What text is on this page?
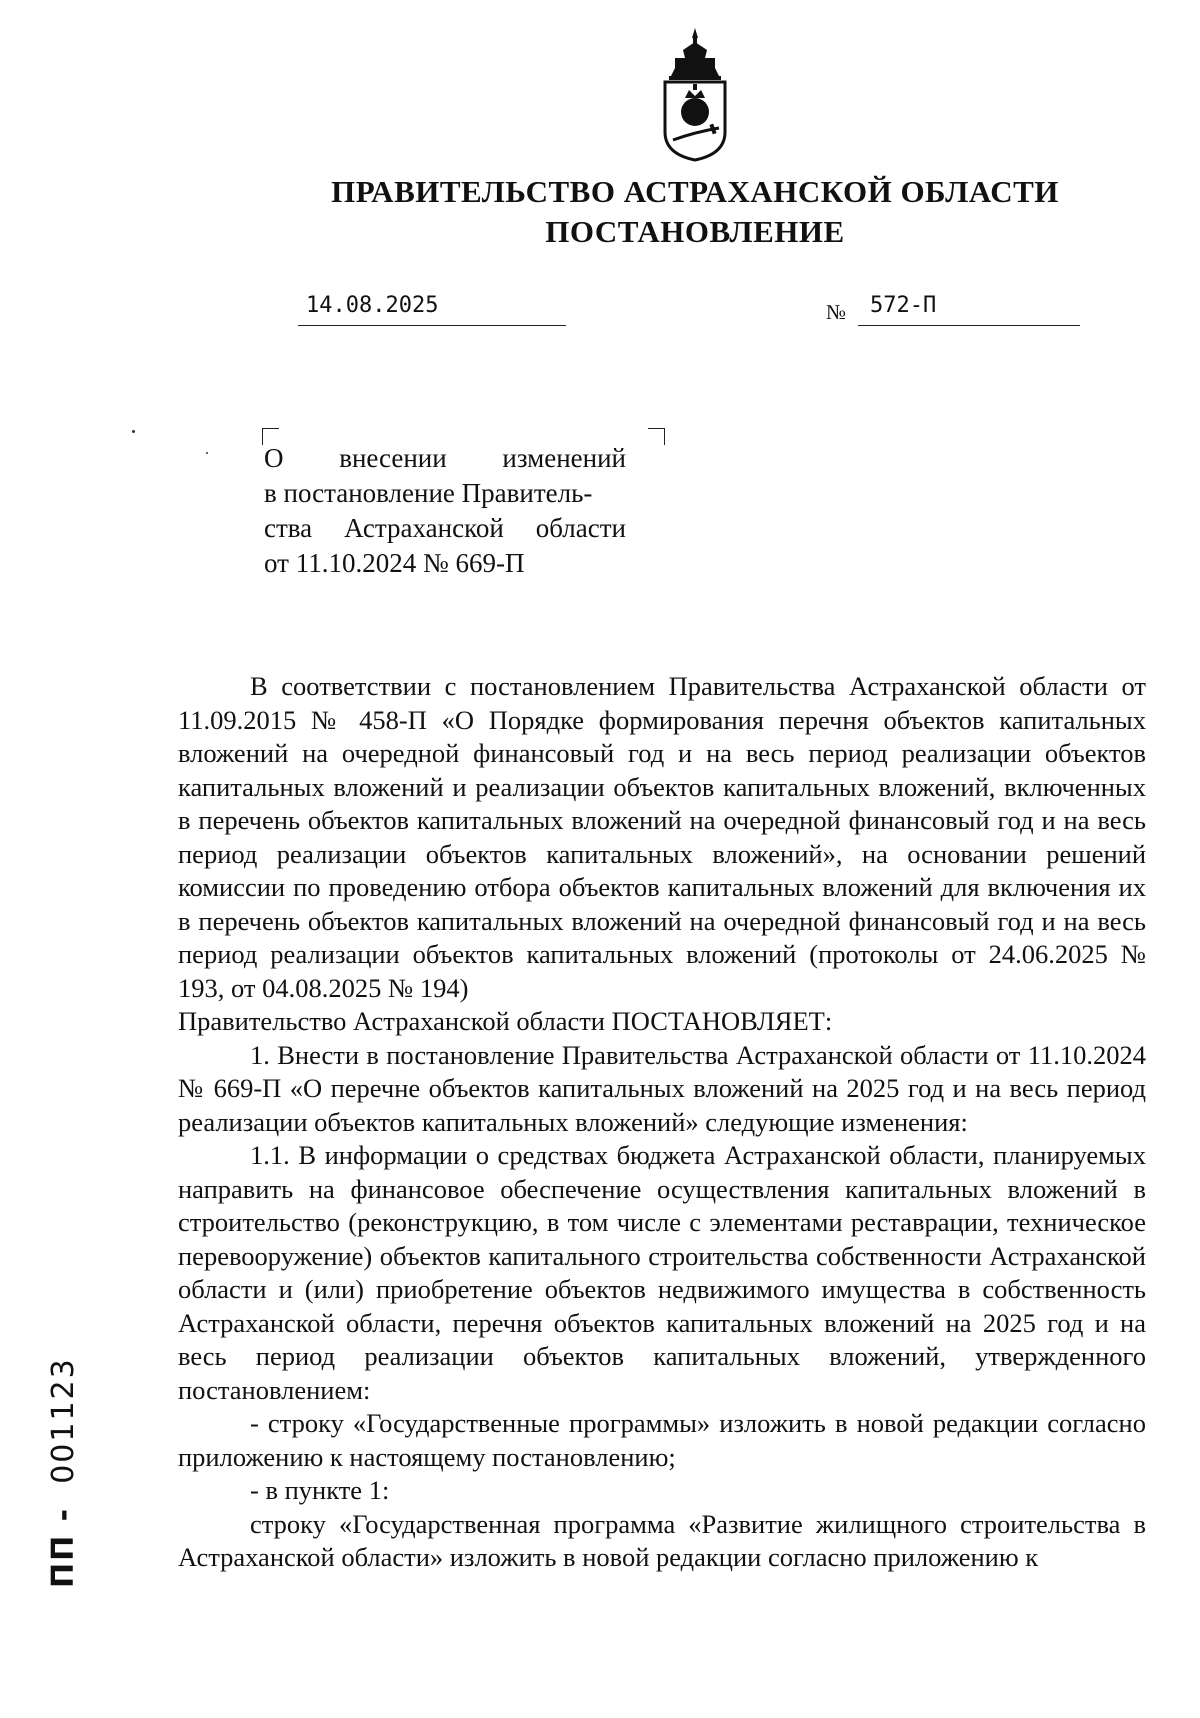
ПРАВИТЕЛЬСТВО АСТРАХАНСКОЙ ОБЛАСТИ
ПОСТАНОВЛЕНИЕ
14.08.2025	№ 572-П
О внесении изменений
в постановление Правитель-
ства Астраханской области
от 11.10.2024 № 669-П

В соответствии с постановлением Правительства Астраханской области от 11.09.2015 № 458-П «О Порядке формирования перечня объектов капитальных вложений на очередной финансовый год и на весь период реализации объектов капитальных вложений и реализации объектов капитальных вложений, включенных в перечень объектов капитальных вложений на очередной финансовый год и на весь период реализации объектов капитальных вложений», на основании решений комиссии по проведению отбора объектов капитальных вложений для включения их в перечень объектов капитальных вложений на очередной финансовый год и на весь период реализации объектов капитальных вложений (протоколы от 24.06.2025 № 193, от 04.08.2025 № 194)

Правительство Астраханской области ПОСТАНОВЛЯЕТ:

1. Внести в постановление Правительства Астраханской области от 11.10.2024 № 669-П «О перечне объектов капитальных вложений на 2025 год и на весь период реализации объектов капитальных вложений» следующие изменения:

1.1. В информации о средствах бюджета Астраханской области, планируемых направить на финансовое обеспечение осуществления капитальных вложений в строительство (реконструкцию, в том числе с элементами реставрации, техническое перевооружение) объектов капитального строительства собственности Астраханской области и (или) приобретение объектов недвижимого имущества в собственность Астраханской области, перечня объектов капитальных вложений на 2025 год и на весь период реализации объектов капитальных вложений, утвержденного постановлением:

- строку «Государственные программы» изложить в новой редакции согласно приложению к настоящему постановлению;

- в пункте 1:

строку «Государственная программа «Развитие жилищного строительства в Астраханской области» изложить в новой редакции согласно приложению к

ПП -  001123
